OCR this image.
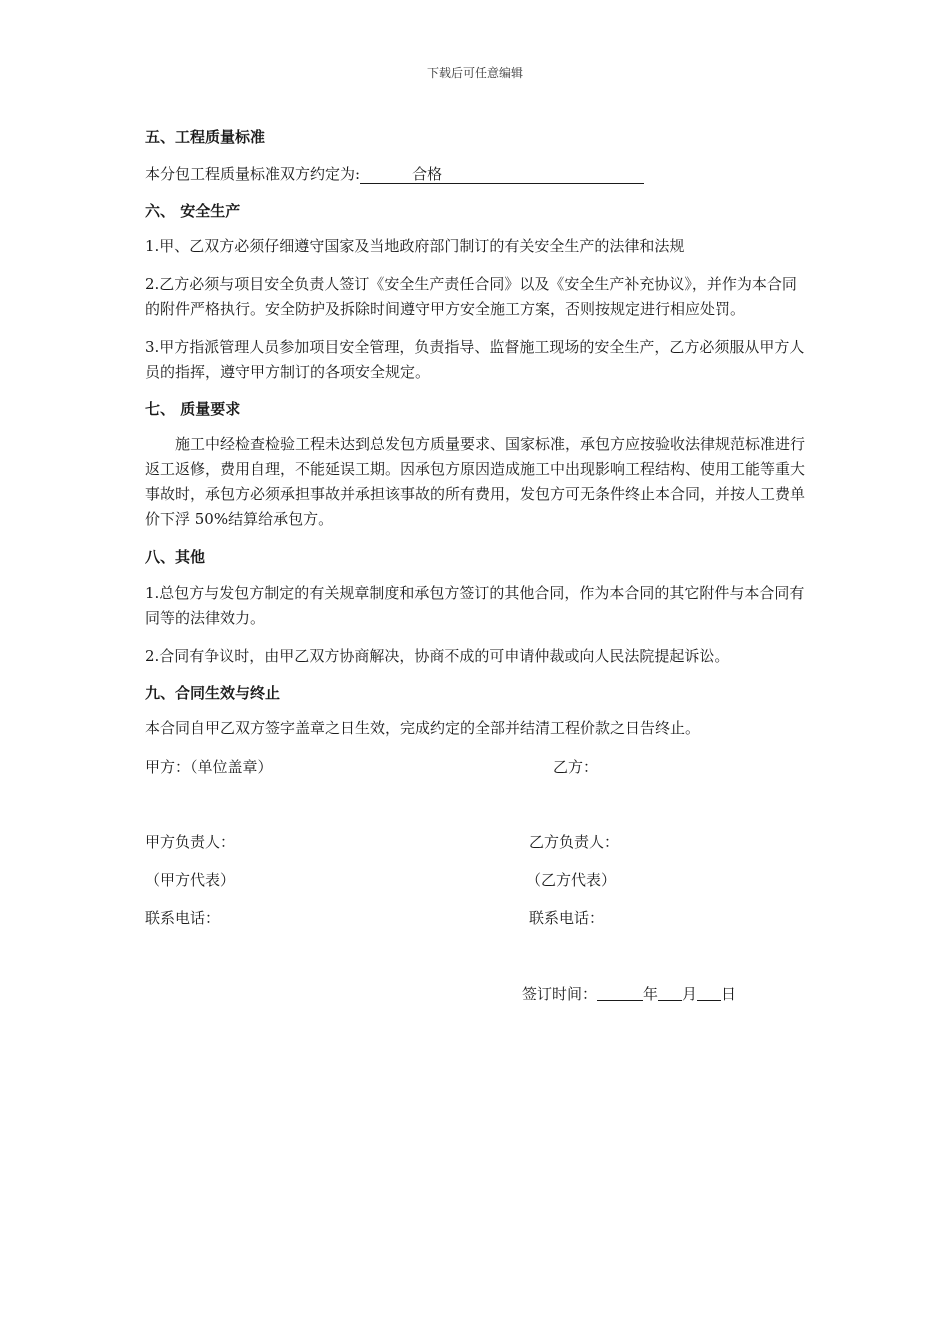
下载后可任意编辑
五、工程质量标准
本分包工程质量标准双方约定为:	合格
六、 安全生产
1.甲、乙双方必须仔细遵守国家及当地政府部门制订的有关安全生产的法律和法规
2.乙方必须与项目安全负责人签订《安全生产责任合同》以及《安全生产补充协议》，并作为本合同的附件严格执行。安全防护及拆除时间遵守甲方安全施工方案，否则按规定进行相应处罚。
3.甲方指派管理人员参加项目安全管理，负责指导、监督施工现场的安全生产，乙方必须服从甲方人员的指挥，遵守甲方制订的各项安全规定。
七、 质量要求
施工中经检查检验工程未达到总发包方质量要求、国家标准，承包方应按验收法律规范标准进行返工返修，费用自理，不能延误工期。因承包方原因造成施工中出现影响工程结构、使用工能等重大事故时，承包方必须承担事故并承担该事故的所有费用，发包方可无条件终止本合同，并按人工费单价下浮 50%结算给承包方。
八、其他
1.总包方与发包方制定的有关规章制度和承包方签订的其他合同，作为本合同的其它附件与本合同有同等的法律效力。
2.合同有争议时，由甲乙双方协商解决，协商不成的可申请仲裁或向人民法院提起诉讼。
九、合同生效与终止
本合同自甲乙双方签字盖章之日生效，完成约定的全部并结清工程价款之日告终止。
甲方：（单位盖章）	乙方：
甲方负责人：	乙方负责人：
（甲方代表）	（乙方代表）
联系电话：	联系电话：
签订时间：	年 月 日
